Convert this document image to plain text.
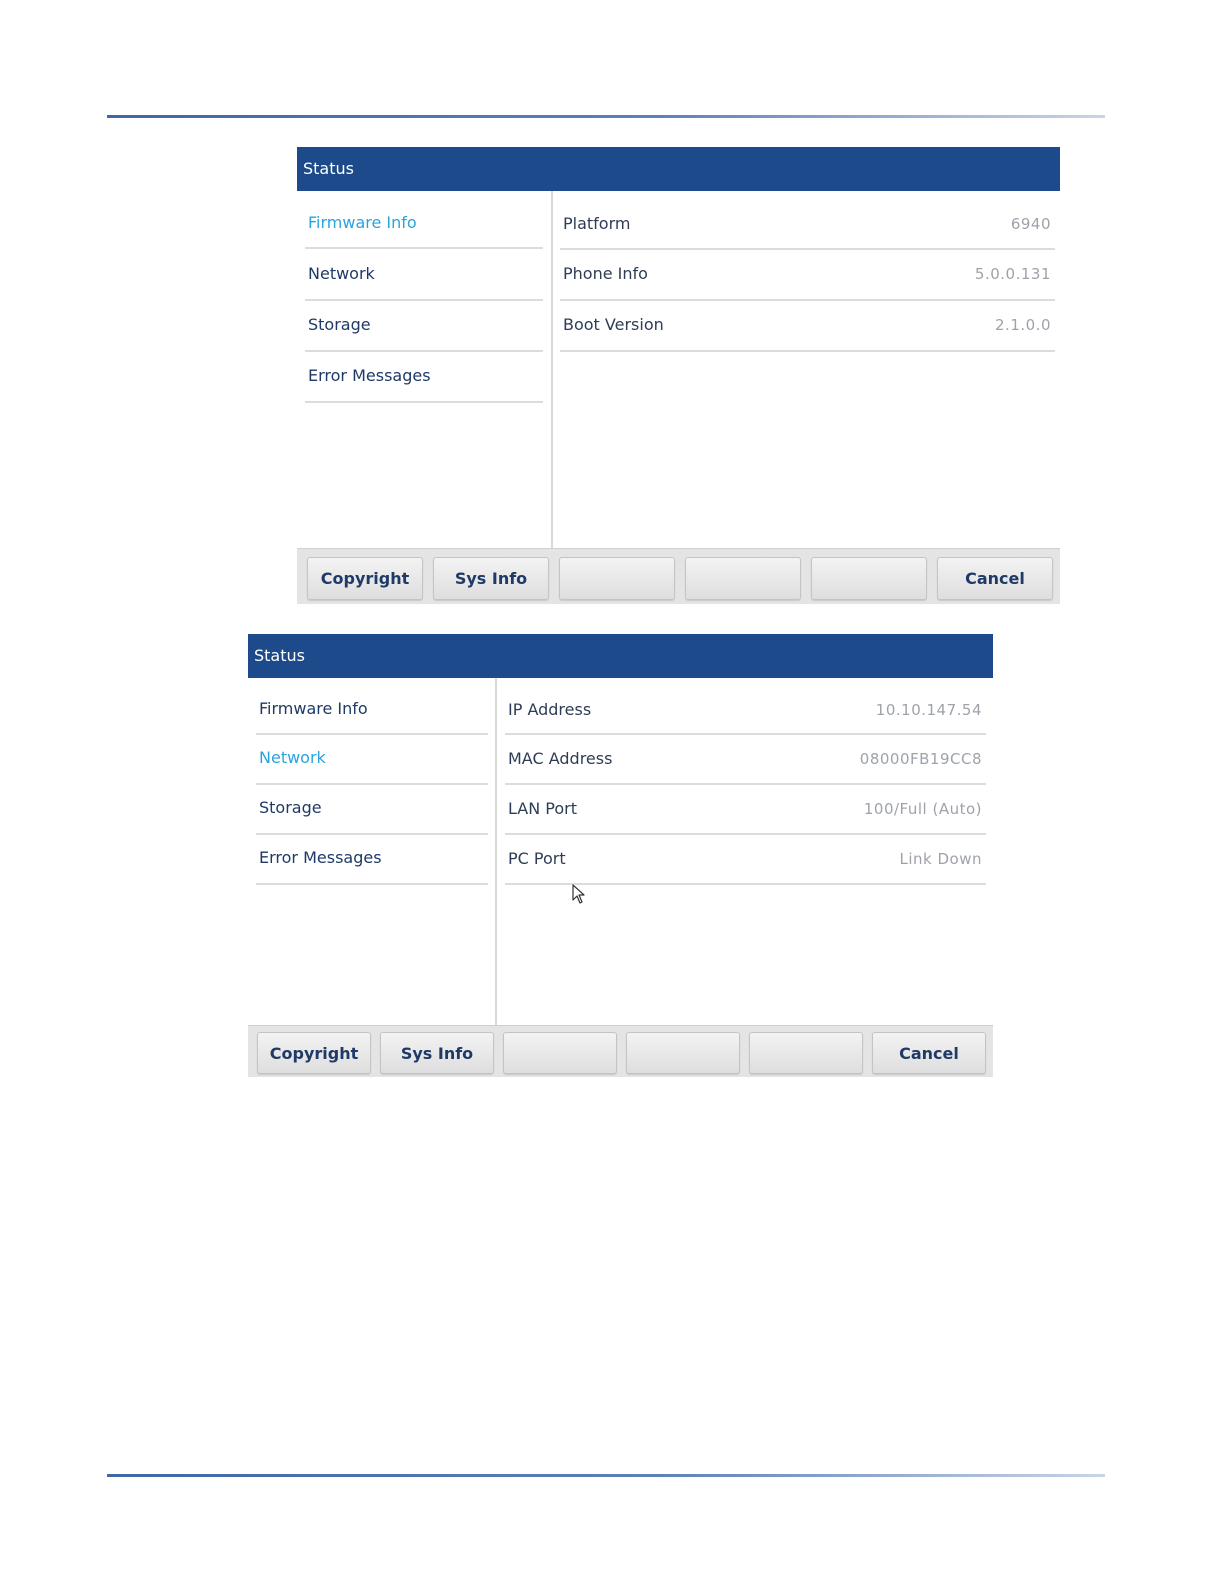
Status
Firmware Info
Network
Storage
Error Messages
Platform	6940
Phone Info	5.0.0.131
Boot Version	2.1.0.0
Copyright	Sys Info	Cancel
Status
Firmware Info
Network
Storage
Error Messages
IP Address	10.10.147.54
MAC Address	08000FB19CC8
LAN Port	100/Full (Auto)
PC Port	Link Down
Copyright	Sys Info	Cancel
